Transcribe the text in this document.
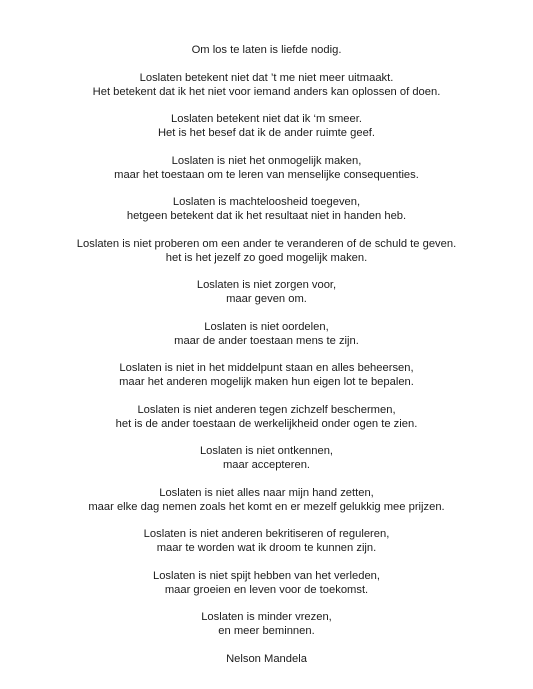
Om los te laten is liefde nodig.
Loslaten betekent niet dat ’t me niet meer uitmaakt.
Het betekent dat ik het niet voor iemand anders kan oplossen of doen.
Loslaten betekent niet dat ik ‘m smeer.
Het is het besef dat ik de ander ruimte geef.
Loslaten is niet het onmogelijk maken,
maar het toestaan om te leren van menselijke consequenties.
Loslaten is machteloosheid toegeven,
hetgeen betekent dat ik het resultaat niet in handen heb.
Loslaten is niet proberen om een ander te veranderen of de schuld te geven.
het is het jezelf zo goed mogelijk maken.
Loslaten is niet zorgen voor,
maar geven om.
Loslaten is niet oordelen,
maar de ander toestaan mens te zijn.
Loslaten is niet in het middelpunt staan en alles beheersen,
maar het anderen mogelijk maken hun eigen lot te bepalen.
Loslaten is niet anderen tegen zichzelf beschermen,
het is de ander toestaan de werkelijkheid onder ogen te zien.
Loslaten is niet ontkennen,
maar accepteren.
Loslaten is niet alles naar mijn hand zetten,
maar elke dag nemen zoals het komt en er mezelf gelukkig mee prijzen.
Loslaten is niet anderen bekritiseren of reguleren,
maar te worden wat ik droom te kunnen zijn.
Loslaten is niet spijt hebben van het verleden,
maar groeien en leven voor de toekomst.
Loslaten is minder vrezen,
en meer beminnen.
Nelson Mandela
